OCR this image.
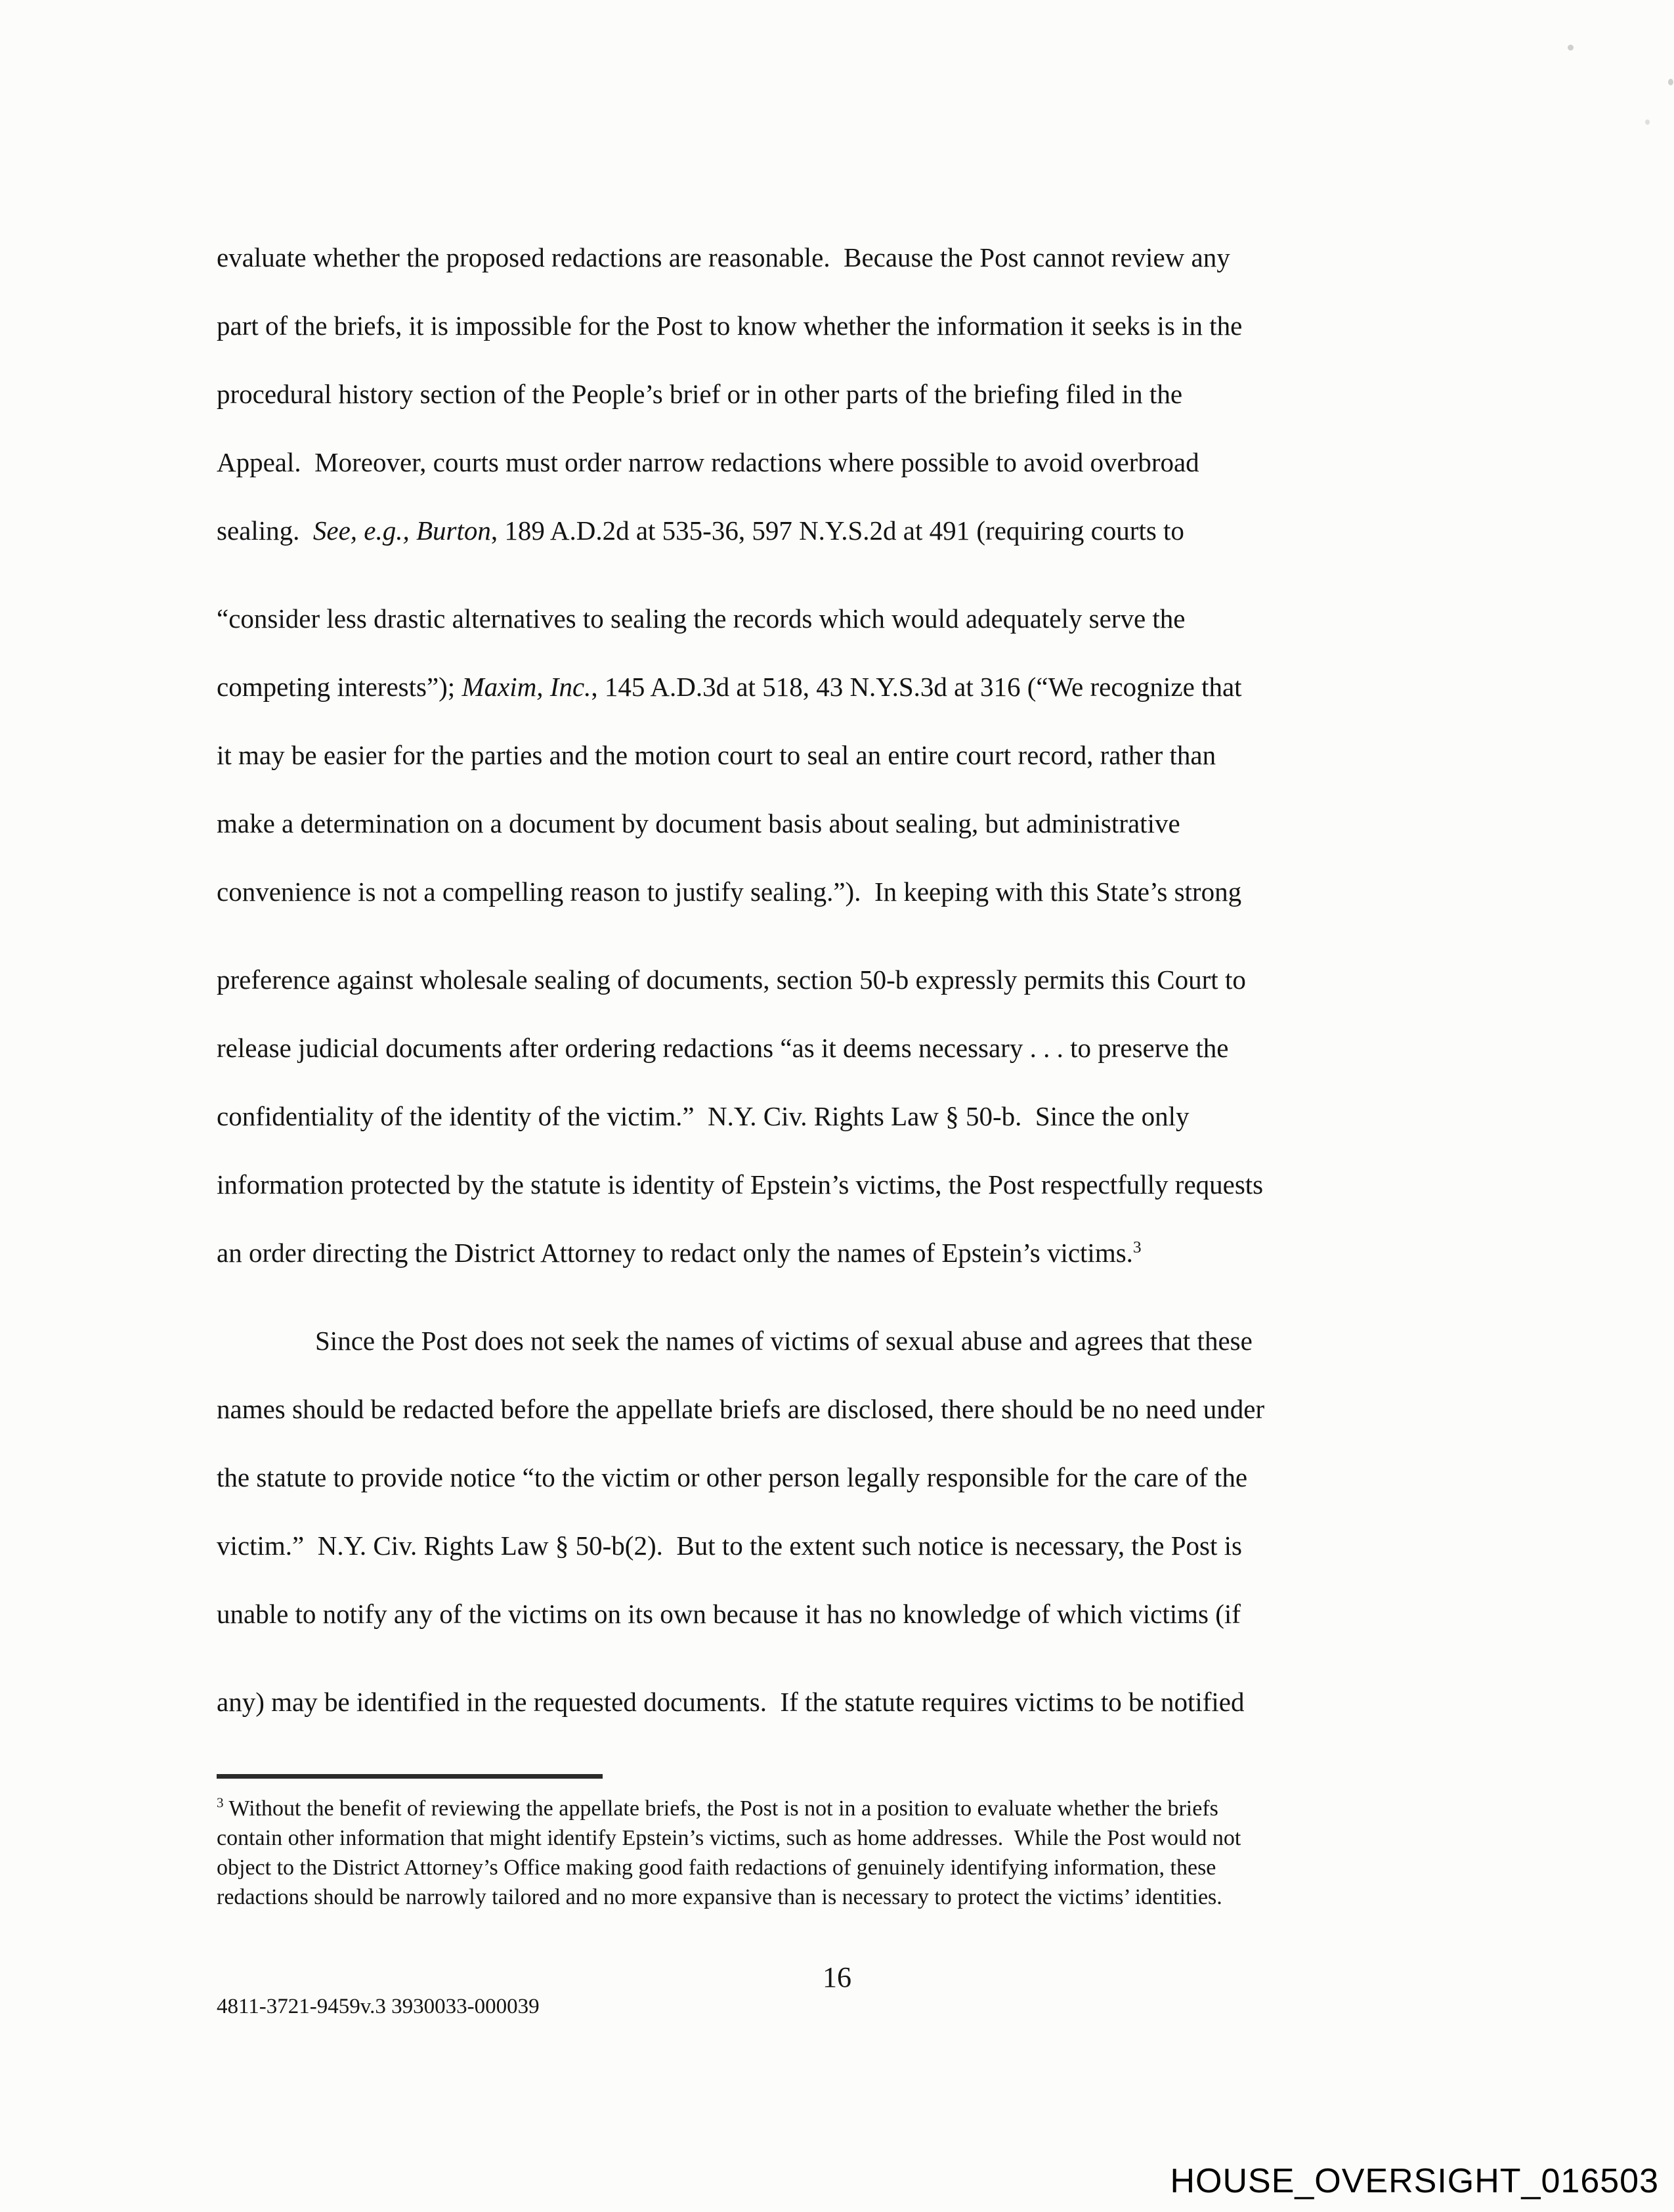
evaluate whether the proposed redactions are reasonable.  Because the Post cannot review any
part of the briefs, it is impossible for the Post to know whether the information it seeks is in the
procedural history section of the People’s brief or in other parts of the briefing filed in the
Appeal.  Moreover, courts must order narrow redactions where possible to avoid overbroad
sealing.  See, e.g., Burton, 189 A.D.2d at 535-36, 597 N.Y.S.2d at 491 (requiring courts to
“consider less drastic alternatives to sealing the records which would adequately serve the
competing interests”); Maxim, Inc., 145 A.D.3d at 518, 43 N.Y.S.3d at 316 (“We recognize that
it may be easier for the parties and the motion court to seal an entire court record, rather than
make a determination on a document by document basis about sealing, but administrative
convenience is not a compelling reason to justify sealing.”).  In keeping with this State’s strong
preference against wholesale sealing of documents, section 50-b expressly permits this Court to
release judicial documents after ordering redactions “as it deems necessary . . . to preserve the
confidentiality of the identity of the victim.”  N.Y. Civ. Rights Law § 50-b.  Since the only
information protected by the statute is identity of Epstein’s victims, the Post respectfully requests
an order directing the District Attorney to redact only the names of Epstein’s victims.$^3$
Since the Post does not seek the names of victims of sexual abuse and agrees that these
names should be redacted before the appellate briefs are disclosed, there should be no need under
the statute to provide notice “to the victim or other person legally responsible for the care of the
victim.”  N.Y. Civ. Rights Law § 50-b(2).  But to the extent such notice is necessary, the Post is
unable to notify any of the victims on its own because it has no knowledge of which victims (if
any) may be identified in the requested documents.  If the statute requires victims to be notified
$^3$ Without the benefit of reviewing the appellate briefs, the Post is not in a position to evaluate whether the briefs
contain other information that might identify Epstein’s victims, such as home addresses.  While the Post would not
object to the District Attorney’s Office making good faith redactions of genuinely identifying information, these
redactions should be narrowly tailored and no more expansive than is necessary to protect the victims’ identities.
16
4811-3721-9459v.3 3930033-000039
HOUSE_OVERSIGHT_016503
